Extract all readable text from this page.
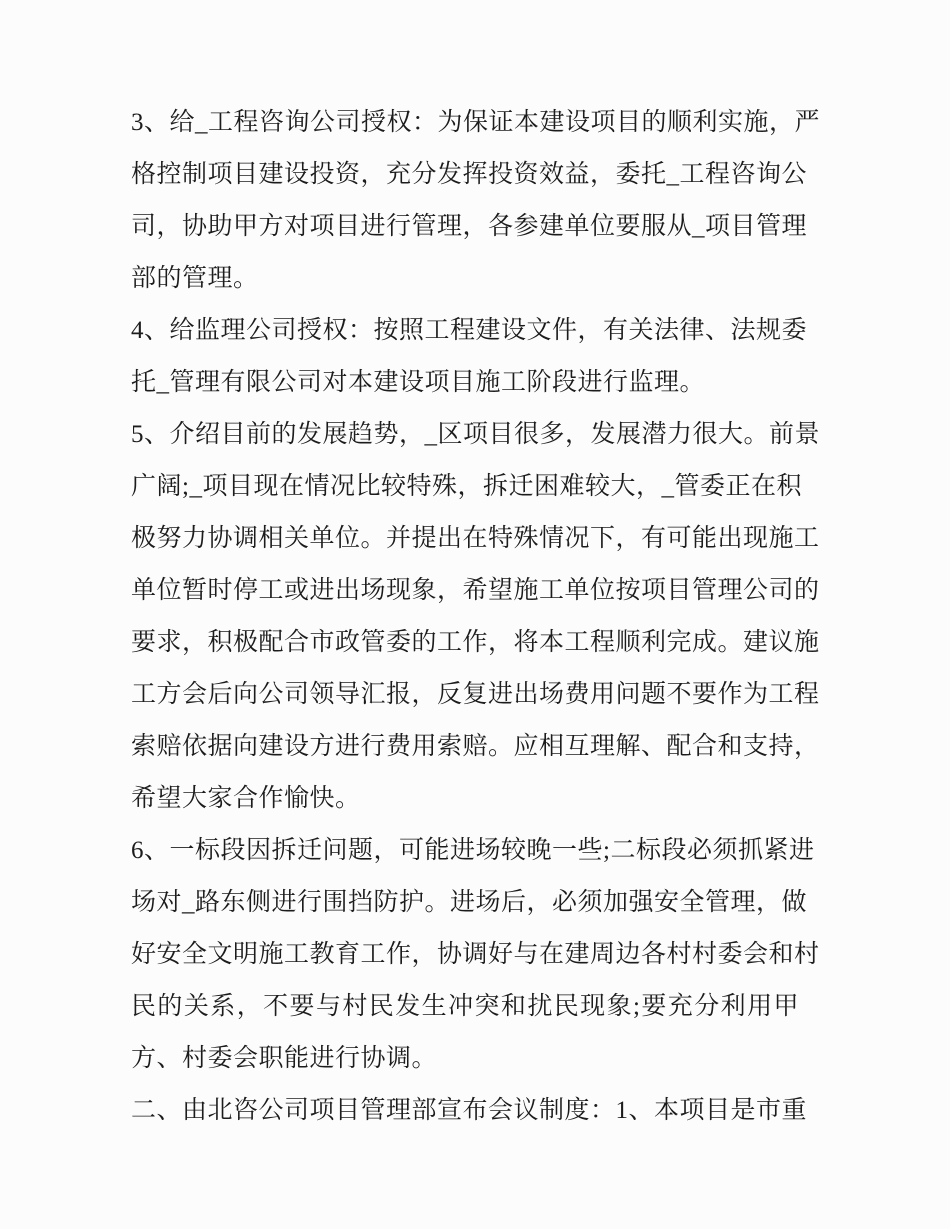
3、给_工程咨询公司授权：为保证本建设项目的顺利实施，严
格控制项目建设投资，充分发挥投资效益，委托_工程咨询公
司，协助甲方对项目进行管理，各参建单位要服从_项目管理
部的管理。
4、给监理公司授权：按照工程建设文件，有关法律、法规委
托_管理有限公司对本建设项目施工阶段进行监理。
5、介绍目前的发展趋势，_区项目很多，发展潜力很大。前景
广阔;_项目现在情况比较特殊，拆迁困难较大，_管委正在积
极努力协调相关单位。并提出在特殊情况下，有可能出现施工
单位暂时停工或进出场现象，希望施工单位按项目管理公司的
要求，积极配合市政管委的工作，将本工程顺利完成。建议施
工方会后向公司领导汇报，反复进出场费用问题不要作为工程
索赔依据向建设方进行费用索赔。应相互理解、配合和支持，
希望大家合作愉快。
6、一标段因拆迁问题，可能进场较晚一些;二标段必须抓紧进
场对_路东侧进行围挡防护。进场后，必须加强安全管理，做
好安全文明施工教育工作，协调好与在建周边各村村委会和村
民的关系，不要与村民发生冲突和扰民现象;要充分利用甲
方、村委会职能进行协调。
二、由北咨公司项目管理部宣布会议制度：1、本项目是市重
